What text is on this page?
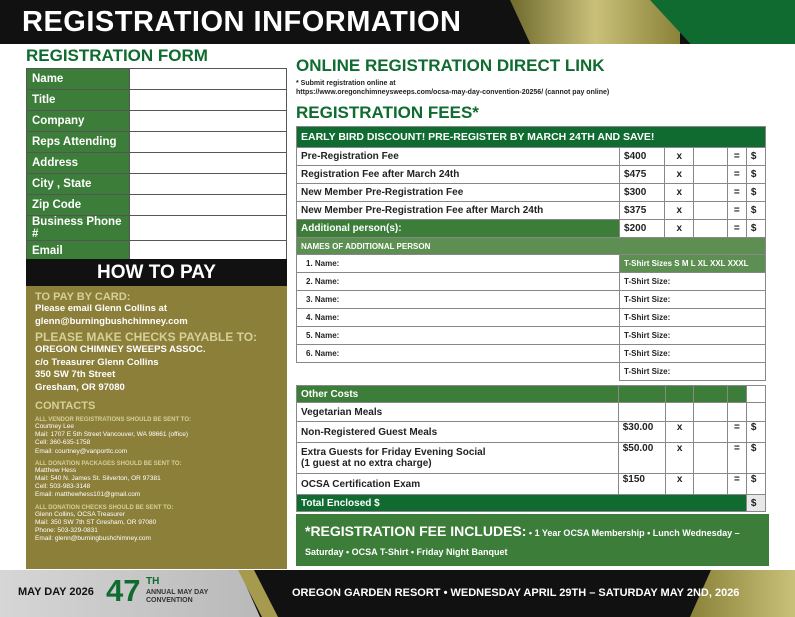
REGISTRATION INFORMATION
REGISTRATION FORM
Name	
Title	
Company	
Reps Attending	
Address	
City , State	
Zip Code	
Business Phone #	
Email	
HOW TO PAY
TO PAY BY CARD:
Please email Glenn Collins at
glenn@burningbushchimney.com
PLEASE MAKE CHECKS PAYABLE TO:
OREGON CHIMNEY SWEEPS ASSOC.
c/o Treasurer Glenn Collins
350 SW 7th Street
Gresham, OR 97080
CONTACTS
ALL VENDOR REGISTRATIONS SHOULD BE SENT TO:
Courtney Lee
Mail: 1707 E 5th Street Vancouver, WA 98661 (office)
Cell: 360-635-1758
Email: courtney@vanporttc.com
ALL DONATION PACKAGES SHOULD BE SENT TO:
Matthew Hess
Mail: 540 N. James St. Silverton, OR 97381
Cell: 503-983-3148
Email: matthewhess101@gmail.com
ALL DONATION CHECKS SHOULD BE SENT TO:
Glenn Collins, OCSA Treasurer
Mail: 350 SW 7th ST Gresham, OR 97080
Phone: 503-329-0831
Email: glenn@burningbushchimney.com
ONLINE REGISTRATION DIRECT LINK
* Submit registration online at
https://www.oregonchimneysweeps.com/ocsa-may-day-convention-20256/ (cannot pay online)
REGISTRATION FEES*
EARLY BIRD DISCOUNT! PRE-REGISTER BY MARCH 24TH AND SAVE!					
Pre-Registration Fee	$400	x		=	$
Registration Fee after March 24th	$475	x		=	$
New Member Pre-Registration Fee	$300	x		=	$
New Member Pre-Registration Fee after March 24th	$375	x		=	$
Additional person(s):	$200	x		=	$
NAMES OF ADDITIONAL PERSON					
1. Name:	T-Shirt Sizes S M L XL XXL XXXL				
2. Name:	T-Shirt Size:				
3. Name:	T-Shirt Size:				
4. Name:	T-Shirt Size:				
5. Name:	T-Shirt Size:				
6. Name:	T-Shirt Size:				
	T-Shirt Size:				
Other Costs					
Vegetarian Meals					
Non-Registered Guest Meals	$30.00	x		=	$

Extra Guests for Friday Evening Social
(1 guest at no extra charge)	$50.00	x		=	$
OCSA Certification Exam	$150	x		=	$
Total Enclosed $					$
*REGISTRATION FEE INCLUDES: • 1 Year OCSA Membership • Lunch Wednesday –
Saturday • OCSA T-Shirt • Friday Night Banquet
MAY DAY 2026 47 TH
ANNUAL MAY DAY
CONVENTION
OREGON GARDEN RESORT • WEDNESDAY APRIL 29TH – SATURDAY MAY 2ND, 2026
